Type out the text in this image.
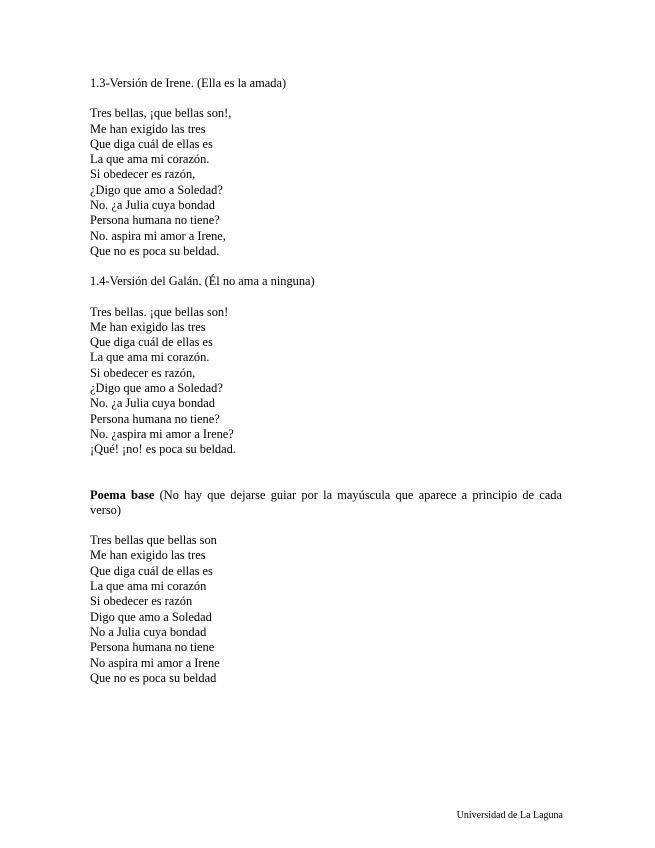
1.3-Versión de Irene. (Ella es la amada)
Tres bellas, ¡que bellas son!,
Me han exigido las tres
Que diga cuál de ellas es
La que ama mi corazón.
Si obedecer es razón,
¿Digo que amo a Soledad?
No. ¿a Julia cuya bondad
Persona humana no tiene?
No. aspira mi amor a Irene,
Que no es poca su beldad.
1.4-Versión del Galán. (Él no ama a ninguna)
Tres bellas. ¡que bellas son!
Me han exigido las tres
Que diga cuál de ellas es
La que ama mi corazón.
Si obedecer es razón,
¿Digo que amo a Soledad?
No. ¿a Julia cuya bondad
Persona humana no tiene?
No. ¿aspira mi amor a Irene?
¡Qué! ¡no! es poca su beldad.
Poema base (No hay que dejarse guiar por la mayúscula que aparece a principio de cada verso)
Tres bellas que bellas son
Me han exigido las tres
Que diga cuál de ellas es
La que ama mi corazón
Si obedecer es razón
Digo que amo a Soledad
No a Julia cuya bondad
Persona humana no tiene
No aspira mi amor a Irene
Que no es poca su beldad
Universidad de La Laguna
